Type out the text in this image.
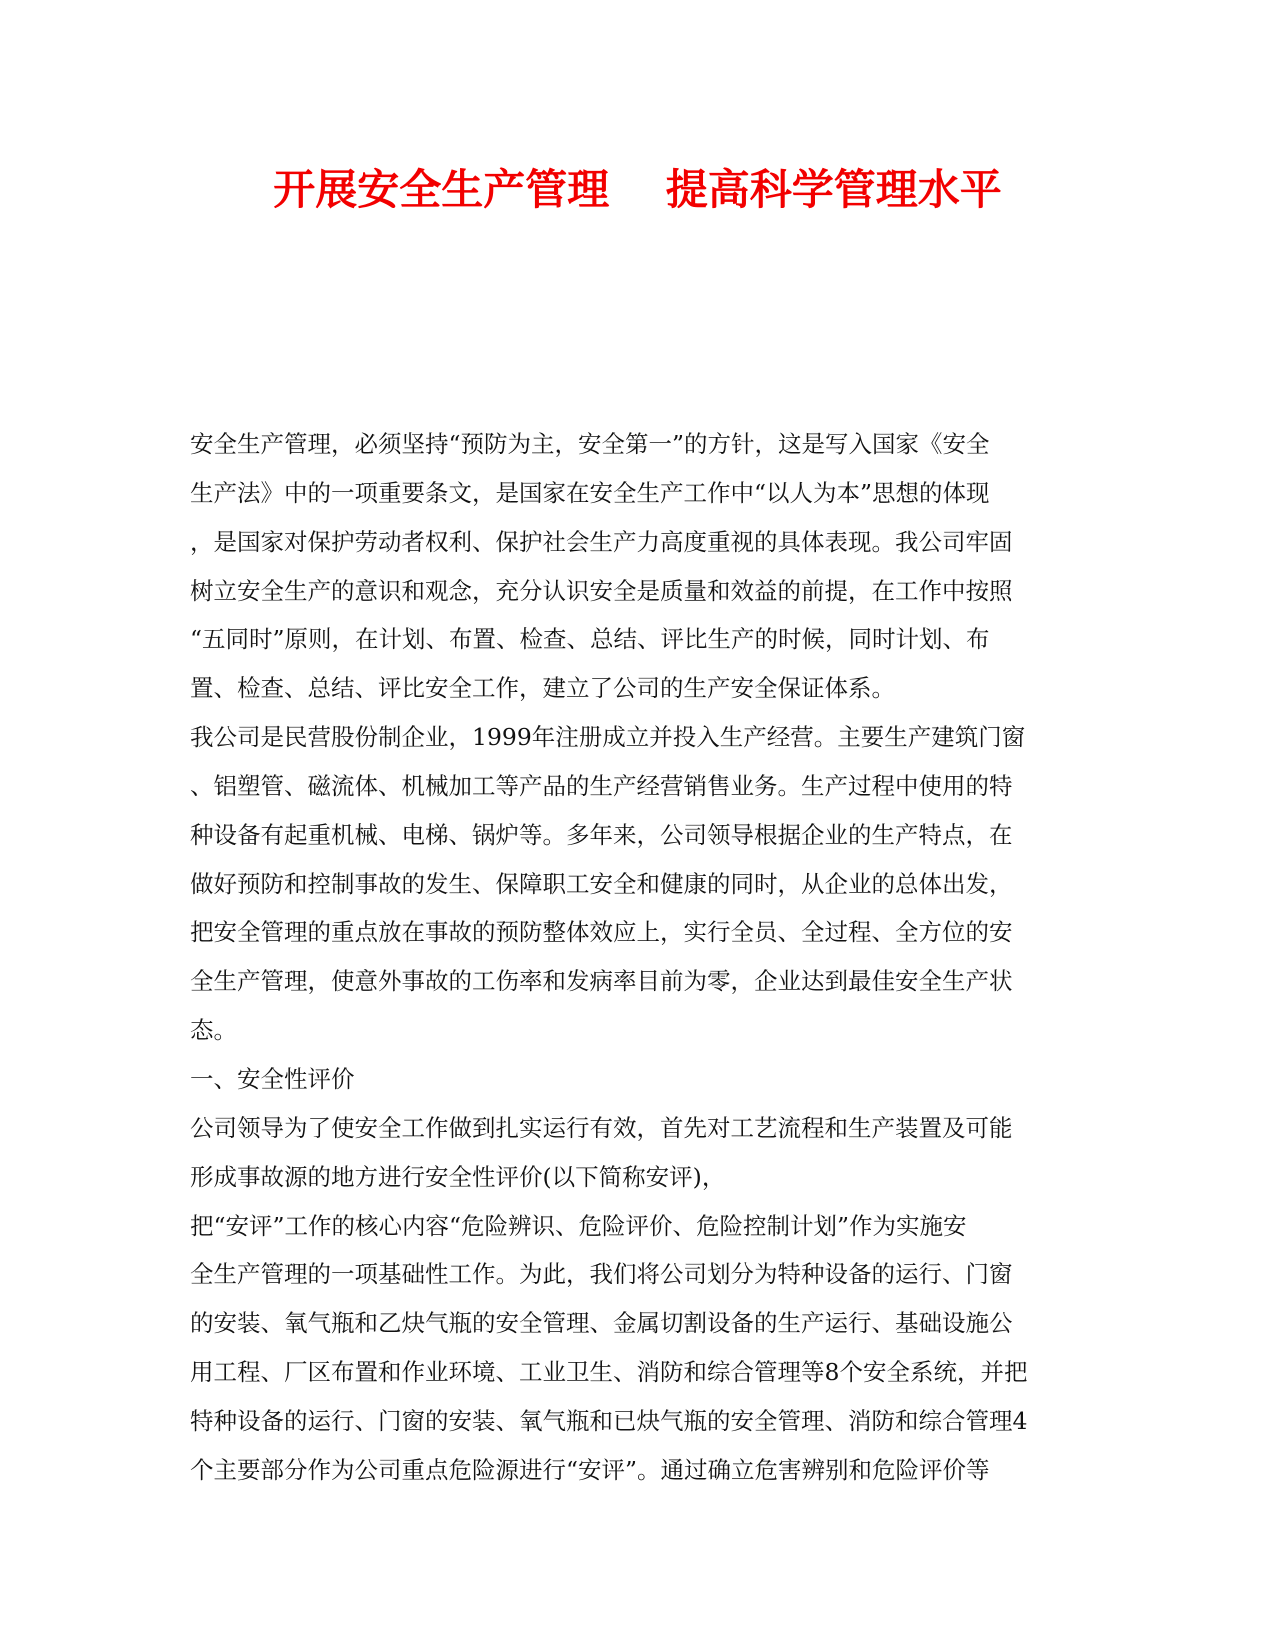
开展安全生产管理　 提高科学管理水平

安全生产管理，必须坚持“预防为主，安全第一”的方针，这是写入国家《安全

生产法》中的一项重要条文，是国家在安全生产工作中“以人为本”思想的体现

，是国家对保护劳动者权利、保护社会生产力高度重视的具体表现。我公司牢固

树立安全生产的意识和观念，充分认识安全是质量和效益的前提，在工作中按照

“五同时”原则，在计划、布置、检查、总结、评比生产的时候，同时计划、布

置、检查、总结、评比安全工作，建立了公司的生产安全保证体系。

我公司是民营股份制企业，1999年注册成立并投入生产经营。主要生产建筑门窗

、铝塑管、磁流体、机械加工等产品的生产经营销售业务。生产过程中使用的特

种设备有起重机械、电梯、锅炉等。多年来，公司领导根据企业的生产特点，在

做好预防和控制事故的发生、保障职工安全和健康的同时，从企业的总体出发，

把安全管理的重点放在事故的预防整体效应上，实行全员、全过程、全方位的安

全生产管理，使意外事故的工伤率和发病率目前为零，企业达到最佳安全生产状

态。

一、安全性评价

公司领导为了使安全工作做到扎实运行有效，首先对工艺流程和生产装置及可能

形成事故源的地方进行安全性评价(以下简称安评)，

把“安评”工作的核心内容“危险辨识、危险评价、危险控制计划”作为实施安

全生产管理的一项基础性工作。为此，我们将公司划分为特种设备的运行、门窗

的安装、氧气瓶和乙炔气瓶的安全管理、金属切割设备的生产运行、基础设施公

用工程、厂区布置和作业环境、工业卫生、消防和综合管理等8个安全系统，并把

特种设备的运行、门窗的安装、氧气瓶和已炔气瓶的安全管理、消防和综合管理4

个主要部分作为公司重点危险源进行“安评”。通过确立危害辨别和危险评价等
